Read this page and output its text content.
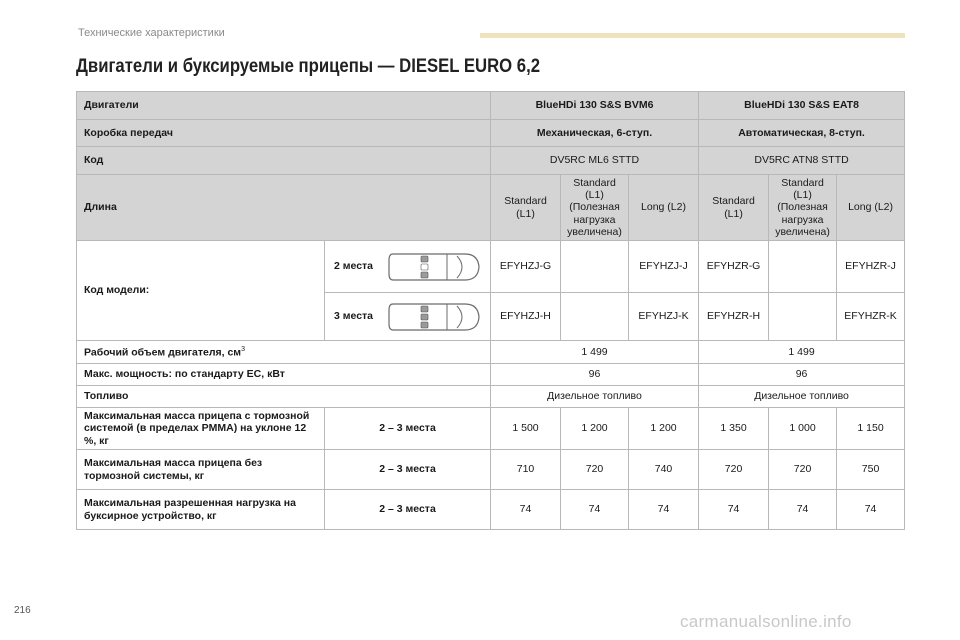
Технические характеристики
Двигатели и буксируемые прицепы — DIESEL EURO 6,2
Двигатели		BlueHDi 130 S&S BVM6			BlueHDi 130 S&S EAT8		
Коробка передач		Механическая, 6-ступ.			Автоматическая, 8-ступ.		
Код		DV5RC ML6 STTD			DV5RC ATN8 STTD		
Длина		Standard (L1)	Standard (L1) (Полезная нагрузка увеличена)	Long (L2)	Standard (L1)	Standard (L1) (Полезная нагрузка увеличена)	Long (L2)
Код модели:	2 места	EFYHZJ-G		EFYHZJ-J	EFYHZR-G		EFYHZR-J

	3 места	EFYHZJ-H		EFYHZJ-K	EFYHZR-H		EFYHZR-K
Рабочий объем двигателя, $см^3$		1 499			1 499		
Макс. мощность: по стандарту ЕС, кВт		96			96		
Топливо		Дизельное топливо			Дизельное топливо		
Максимальная масса прицепа с тормозной системой (в пределах PMMA) на уклоне 12 %, кг	2 – 3 места	1 500	1 200	1 200	1 350	1 000	1 150
Максимальная масса прицепа без тормозной системы, кг	2 – 3 места	710	720	740	720	720	750
Максимальная разрешенная нагрузка на буксирное устройство, кг	2 – 3 места	74	74	74	74	74	74
216
carmanualsonline.info
